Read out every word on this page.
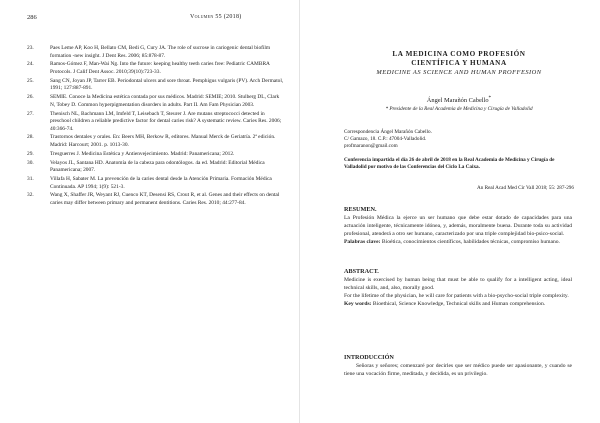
286	Volumen 55 (2018)
23.	Paes Leme AP, Koo H, Bellato CM, Bedi G, Cury JA. The role of sucrose in cariogenic dental biofilm formation -new insight. J Dent Res. 2006; 85:878-87.
24.	Ramos-Gómez F, Man-Wai Ng. Into the future: keeping healthy teeth caries free: Pediatric CAMBRA Protocols. J Calif Dent Assoc. 2010;39(10):723-33.
25.	Sang CN, Joyan JP, Tarrer EB. Periodontal ulcers and sore throat. Pemphigus vulgaris (PV). Arch Dermatol, 1991; 127:887-891.
26.	SEMIE. Conoce la Medicina estética contada por sus médicos. Madrid: SEMIE; 2010. Stulberg DL, Clark N, Tobey D. Common hyperpigmentation disorders in adults. Part II. Am Fam Physician 2003.
27.	Thenisch NL, Bachmann LM, Imfeld T, Leisebach T, Steurer J. Are mutans streptococci detected in preschool children a reliable predictive factor for dental caries risk? A systematic review. Caries Res. 2006; 40:366-74.
28.	Trastornos dentales y orales. En: Beers MH, Berkow R, editores. Manual Merck de Geriatría. 2ª edición. Madrid: Harcourt; 2001. p. 1013-30.
29.	Tresguerres J. Medicina Estética y Antienvejecimiento. Madrid: Panamericana; 2012.
30.	Velayos JL, Santana HD. Anatomía de la cabeza para odontólogos. 4a ed. Madrid: Editorial Médica Panamericana; 2007.
31.	Villafa H, Sabater M. La prevención de la caries dental desde la Atención Primaria. Formación Médica Continuada. AP 1994; 1(9): 521-3.
32.	Wang X, Shaffer JR, Weyant RJ, Cuenco KT, Desensi RS, Crout R, et al. Genes and their effects on dental caries may differ between primary and permanent dentitions. Caries Res. 2010; 44:277-84.
LA MEDICINA COMO PROFESIÓN
CIENTÍFICA Y HUMANA
MEDICINE AS SCIENCE AND HUMAN PROFFESION
Ángel Marañón Cabello*
* Presidente de la Real Academia de Medicina y Cirugía de Valladolid
Correspondencia Ángel Marañón Cabello.
C/ Gamazo, 18. C.P.: 47004-Valladolid.
profmaranon@gmail.com
Conferencia impartida el día 26 de abril de 2018 en la Real Academia de Medicina y Cirugía de Valladolid por motivo de las Conferencias del Ciclo La Caixa.
An Real Acad Med Cir Vall 2018; 55: 287-296
RESUMEN.
La Profesión Médica la ejerce un ser humano que debe estar dotado de capacidades para una actuación inteligente, técnicamente idónea, y, además, moralmente buena. Durante toda su actividad profesional, atenderá a otro ser humano, caracterizado por una triple complejidad bio-psico-social.
Palabras clave: Bioética, conocimientos científicos, habilidades técnicas, compromiso humano.
ABSTRACT.
Medicine is exercised by human being that must be able to qualify for a intelligent acting, ideal technical skills, and, also, morally good.
For the lifetime of the physician, he will care for patients with a bio-psycho-social triple complexity.
Key words: Bioethical, Science Knowledge, Technical skills and Human comprehension.
INTRODUCCIÓN
Señoras y señores; comenzaré por decirles que ser médico puede ser apasionante, y cuando se tiene una vocación firme, meditada, y decidida, es un privilegio.
